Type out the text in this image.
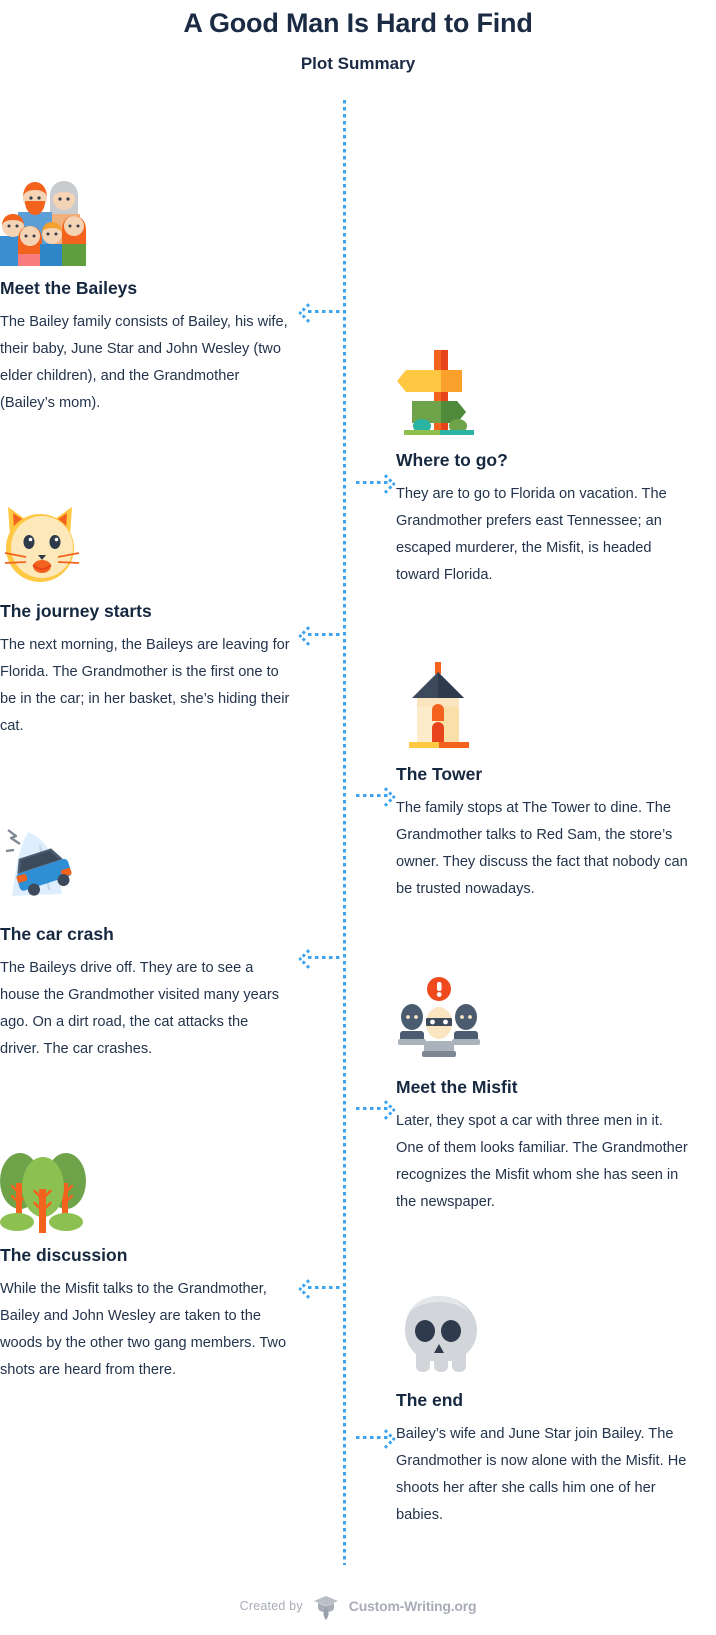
A Good Man Is Hard to Find
Plot Summary
Meet the Baileys

The Bailey family consists of Bailey, his wife, their baby, June Star and John Wesley (two elder children), and the Grandmother (Bailey’s mom).

Where to go?

They are to go to Florida on vacation. The Grandmother prefers east Tennessee; an escaped murderer, the Misfit, is headed toward Florida.

The journey starts

The next morning, the Baileys are leaving for Florida. The Grandmother is the first one to be in the car; in her basket, she’s hiding their cat.

The Tower

The family stops at The Tower to dine. The Grandmother talks to Red Sam, the store’s owner. They discuss the fact that nobody can be trusted nowadays.

The car crash

The Baileys drive off. They are to see a house the Grandmother visited many years ago. On a dirt road, the cat attacks the driver. The car crashes.

Meet the Misfit

Later, they spot a car with three men in it. One of them looks familiar. The Grandmother recognizes the Misfit whom she has seen in the newspaper.

The discussion

While the Misfit talks to the Grandmother, Bailey and John Wesley are taken to the woods by the other two gang members. Two shots are heard from there.

The end

Bailey’s wife and June Star join Bailey. The Grandmother is now alone with the Misfit. He shoots her after she calls him one of her babies.

Created by	Custom-Writing.org
